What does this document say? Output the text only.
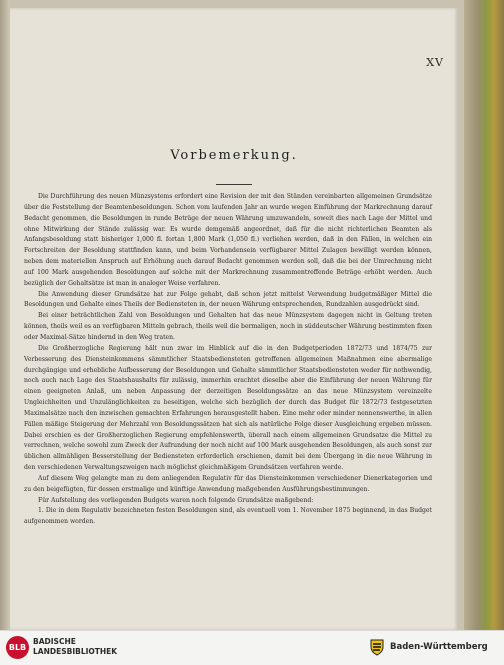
XV
Vorbemerkung.

Die Durchführung des neuen Münzsystems erfordert eine Revision der mit den Ständen vereinbarten allgemeinen Grundsätze über die Feststellung der Beamtenbesoldungen. Schon vom laufenden Jahr an wurde wegen Einführung der Markrechnung darauf Bedacht genommen, die Besoldungen in runde Beträge der neuen Währung umzuwandeln, soweit dies nach Lage der Mittel und ohne Mitwirkung der Stände zulässig war. Es wurde demgemäß angeordnet, daß für die nicht richterlichen Beamten als Anfangsbesoldung statt bisheriger 1,000 fl. fortan 1,800 Mark (1,050 fl.) verliehen werden, daß in den Fällen, in welchen ein Fortschreiten der Besoldung stattfinden kann, und beim Vorhandensein verfügbarer Mittel Zulagen bewilligt werden können, neben dem materiellen Anspruch auf Erhöhung auch darauf Bedacht genommen werden soll, daß die bei der Umrechnung nicht auf 100 Mark ausgehenden Besoldungen auf solche mit der Markrechnung zusammentreffende Beträge erhöht werden. Auch bezüglich der Gehaltsätze ist man in analoger Weise verfahren.

Die Anwendung dieser Grundsätze hat zur Folge gehabt, daß schon jetzt mittelst Verwendung budgetmäßiger Mittel die Besoldungen und Gehalte eines Theils der Bediensteten in, der neuen Währung entsprechenden, Rundzahlen ausgedrückt sind.

Bei einer beträchtlichen Zahl von Besoldungen und Gehalten hat das neue Münzsystem dagegen nicht in Geltung treten können, theils weil es an verfügbaren Mitteln gebrach, theils weil die bermaligen, noch in süddeutscher Währung bestimmten fixen oder Maximal-Sätze hindernd in den Weg traten.

Die Großherzogliche Regierung hält nun zwar im Hinblick auf die in den Budgetperioden 1872/73 und 1874/75 zur Verbesserung des Diensteinkommens sämmtlicher Staatsbediensteten getroffenen allgemeinen Maßnahmen eine abermalige durchgängige und erhebliche Aufbesserung der Besoldungen und Gehalte sämmtlicher Staatsbediensteten weder für nothwendig, noch auch nach Lage des Staatshaushalts für zulässig, immerhin erachtet dieselbe aber die Einführung der neuen Währung für einen geeigneten Anlaß, um neben Anpassung der derzeitigen Besoldungssätze an das neue Münzsystem vereinzelte Ungleichheiten und Unzulänglichkeiten zu beseitigen, welche sich bezüglich der durch das Budget für 1872/73 festgesetzten Maximalsätze nach den inzwischen gemachten Erfahrungen herausgestellt haben. Eine mehr oder minder nennenswerthe, in allen Fällen mäßige Steigerung der Mehrzahl von Besoldungssätzen hat sich als natürliche Folge dieser Ausgleichung ergeben müssen. Dabei erschien es der Großherzoglichen Regierung empfehlenswerth, überall nach einem allgemeinen Grundsatze die Mittel zu verrechnen, welche sowohl zum Zweck der Aufrundung der noch nicht auf 100 Mark ausgehenden Besoldungen, als auch sonst zur üblichen allmähligen Besserstellung der Bediensteten erforderlich erschienen, damit bei dem Übergang in die neue Währung in den verschiedenen Verwaltungszweigen nach möglichst gleichmäßigem Grundsätzen verfahren werde.

Auf diesem Weg gelangte man zu dem anliegenden Regulativ für das Diensteinkommen verschiedener Dienerkategorien und zu den beigefügten, für dessen erstmalige und künftige Anwendung maßgebenden Ausführungsbestimmungen.

Für Aufstellung des vorliegenden Budgets waren noch folgende Grundsätze maßgebend:

1. Die in dem Regulativ bezeichneten festen Besoldungen sind, als eventuell vom 1. November 1875 beginnend, in das Budget aufgenommen worden.

BLB
BADISCHE
LANDESBIBLIOTHEK	Baden-Württemberg
